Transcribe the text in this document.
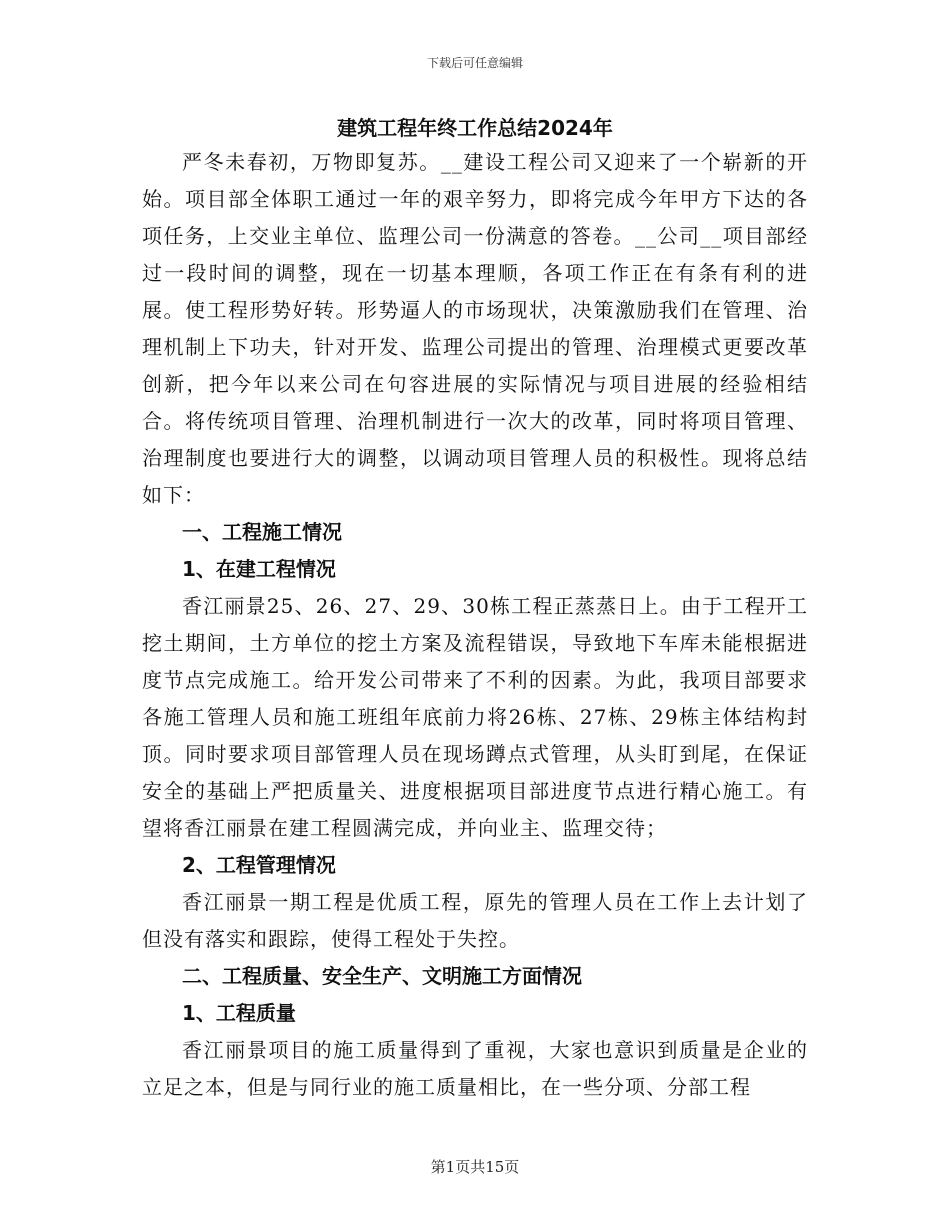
下载后可任意编辑
建筑工程年终工作总结2024年

严冬未春初，万物即复苏。__建设工程公司又迎来了一个崭新的开始。项目部全体职工通过一年的艰辛努力，即将完成今年甲方下达的各项任务，上交业主单位、监理公司一份满意的答卷。__公司__项目部经过一段时间的调整，现在一切基本理顺，各项工作正在有条有利的进展。使工程形势好转。形势逼人的市场现状，决策激励我们在管理、治理机制上下功夫，针对开发、监理公司提出的管理、治理模式更要改革创新，把今年以来公司在句容进展的实际情况与项目进展的经验相结合。将传统项目管理、治理机制进行一次大的改革，同时将项目管理、治理制度也要进行大的调整，以调动项目管理人员的积极性。现将总结如下：

一、工程施工情况

1、在建工程情况

香江丽景25、26、27、29、30栋工程正蒸蒸日上。由于工程开工挖土期间，土方单位的挖土方案及流程错误，导致地下车库未能根据进度节点完成施工。给开发公司带来了不利的因素。为此，我项目部要求各施工管理人员和施工班组年底前力将26栋、27栋、29栋主体结构封顶。同时要求项目部管理人员在现场蹲点式管理，从头盯到尾，在保证安全的基础上严把质量关、进度根据项目部进度节点进行精心施工。有望将香江丽景在建工程圆满完成，并向业主、监理交待；

2、工程管理情况

香江丽景一期工程是优质工程，原先的管理人员在工作上去计划了但没有落实和跟踪，使得工程处于失控。

二、工程质量、安全生产、文明施工方面情况

1、工程质量

香江丽景项目的施工质量得到了重视，大家也意识到质量是企业的立足之本，但是与同行业的施工质量相比，在一些分项、分部工程

第1页共15页
